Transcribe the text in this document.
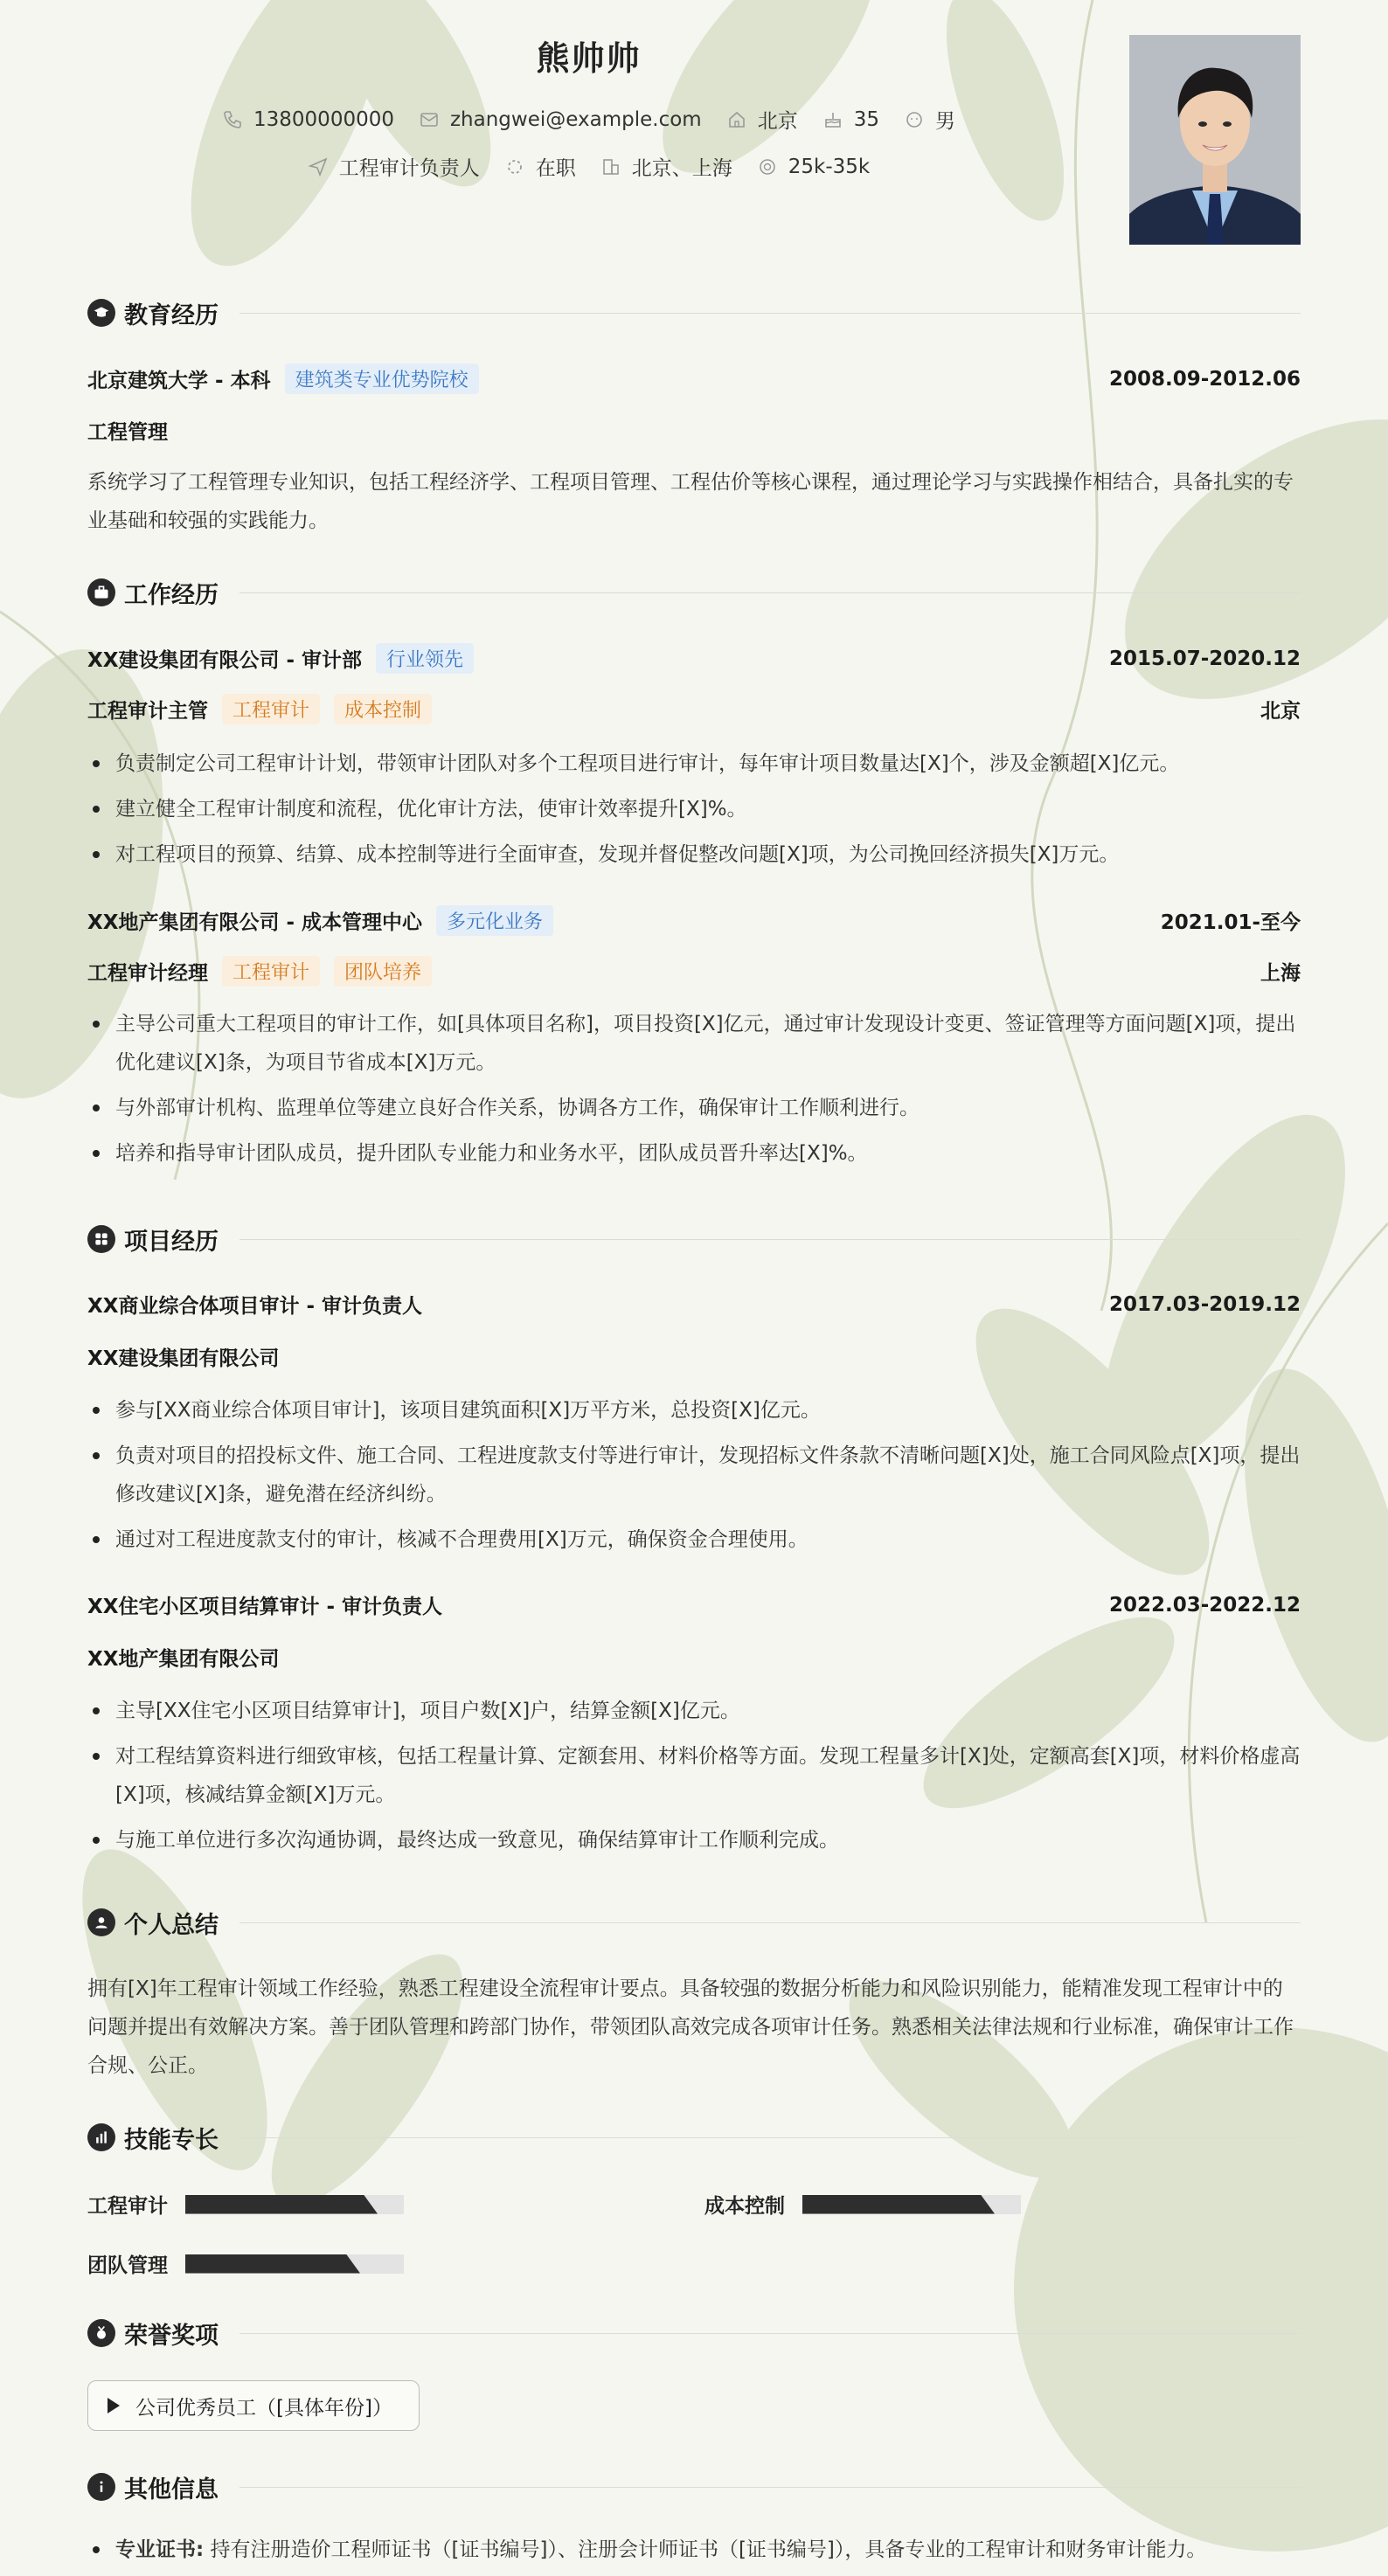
熊帅帅
13800000000	zhangwei@example.com	北京	35	男
工程审计负责人	在职	北京、上海	25k-35k
教育经历
北京建筑大学 - 本科	建筑类专业优势院校	2008.09-2012.06
工程管理

系统学习了工程管理专业知识，包括工程经济学、工程项目管理、工程估价等核心课程，通过理论学习与实践操作相结合，具备扎实的专业基础和较强的实践能力。

工作经历
XX建设集团有限公司 - 审计部	行业领先	2015.07-2020.12
工程审计主管	工程审计	成本控制	北京
负责制定公司工程审计计划，带领审计团队对多个工程项目进行审计，每年审计项目数量达[X]个，涉及金额超[X]亿元。
建立健全工程审计制度和流程，优化审计方法，使审计效率提升[X]%。
对工程项目的预算、结算、成本控制等进行全面审查，发现并督促整改问题[X]项，为公司挽回经济损失[X]万元。
XX地产集团有限公司 - 成本管理中心	多元化业务	2021.01-至今
工程审计经理	工程审计	团队培养	上海
主导公司重大工程项目的审计工作，如[具体项目名称]，项目投资[X]亿元，通过审计发现设计变更、签证管理等方面问题[X]项，提出优化建议[X]条，为项目节省成本[X]万元。
与外部审计机构、监理单位等建立良好合作关系，协调各方工作，确保审计工作顺利进行。
培养和指导审计团队成员，提升团队专业能力和业务水平，团队成员晋升率达[X]%。
项目经历
XX商业综合体项目审计 - 审计负责人	2017.03-2019.12
XX建设集团有限公司
参与[XX商业综合体项目审计]，该项目建筑面积[X]万平方米，总投资[X]亿元。
负责对项目的招投标文件、施工合同、工程进度款支付等进行审计，发现招标文件条款不清晰问题[X]处，施工合同风险点[X]项，提出修改建议[X]条，避免潜在经济纠纷。
通过对工程进度款支付的审计，核减不合理费用[X]万元，确保资金合理使用。
XX住宅小区项目结算审计 - 审计负责人	2022.03-2022.12
XX地产集团有限公司
主导[XX住宅小区项目结算审计]，项目户数[X]户，结算金额[X]亿元。
对工程结算资料进行细致审核，包括工程量计算、定额套用、材料价格等方面。发现工程量多计[X]处，定额高套[X]项，材料价格虚高[X]项，核减结算金额[X]万元。
与施工单位进行多次沟通协调，最终达成一致意见，确保结算审计工作顺利完成。
个人总结

拥有[X]年工程审计领域工作经验，熟悉工程建设全流程审计要点。具备较强的数据分析能力和风险识别能力，能精准发现工程审计中的问题并提出有效解决方案。善于团队管理和跨部门协作，带领团队高效完成各项审计任务。熟悉相关法律法规和行业标准，确保审计工作合规、公正。

技能专长
工程审计	成本控制
团队管理
荣誉奖项
公司优秀员工（[具体年份]）
其他信息
专业证书: 持有注册造价工程师证书（[证书编号]）、注册会计师证书（[证书编号]），具备专业的工程审计和财务审计能力。
